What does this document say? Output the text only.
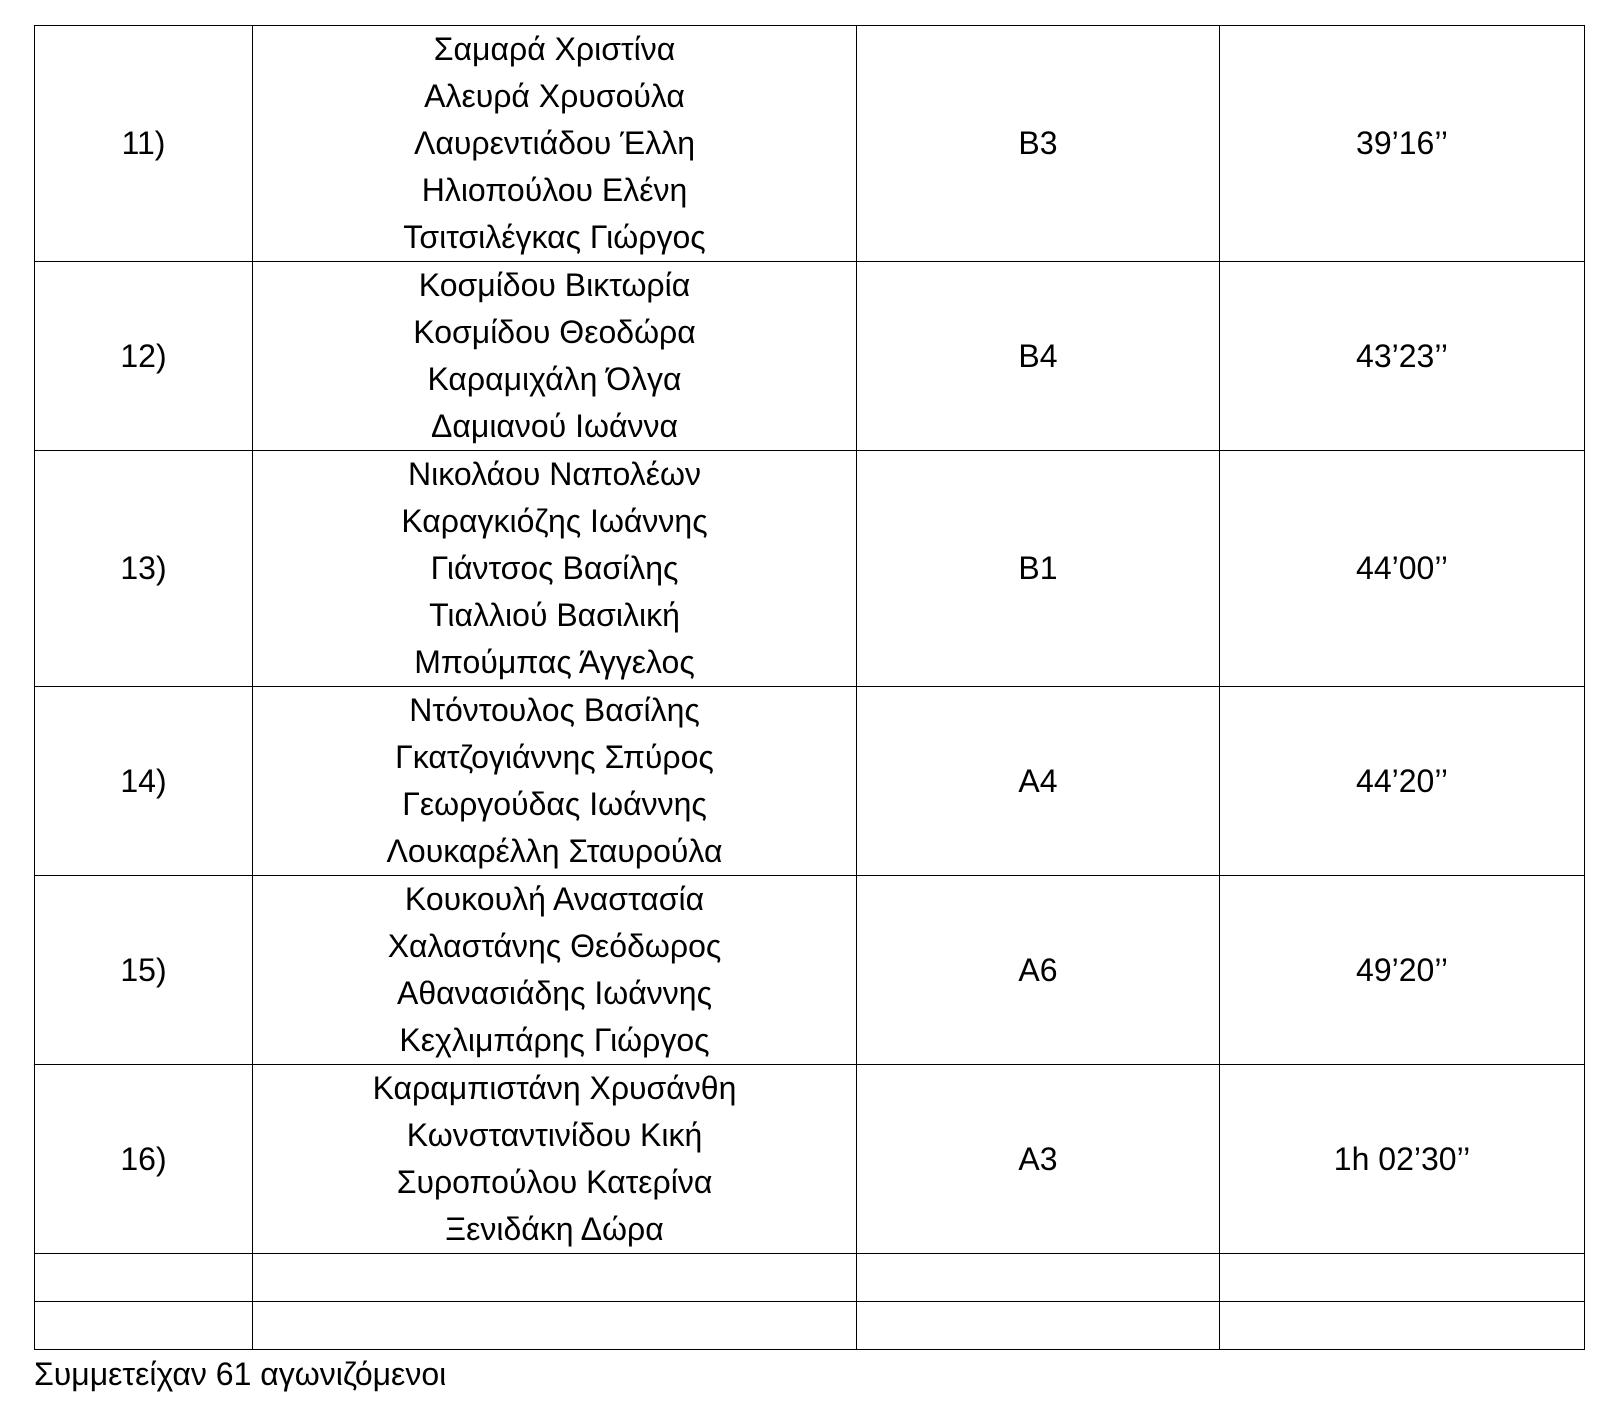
11)	Σαμαρά Χριστίνα
Αλευρά Χρυσούλα
Λαυρεντιάδου Έλλη
Ηλιοπούλου Ελένη
Τσιτσιλέγκας Γιώργος	Β3	39’16’’
12)	Κοσμίδου Βικτωρία
Κοσμίδου Θεοδώρα
Καραμιχάλη Όλγα
Δαμιανού Ιωάννα	Β4	43’23’’
13)	Νικολάου Ναπολέων
Καραγκιόζης Ιωάννης
Γιάντσος Βασίλης
Τιαλλιού Βασιλική
Μπούμπας Άγγελος	Β1	44’00’’
14)	Ντόντουλος Βασίλης
Γκατζογιάννης Σπύρος
Γεωργούδας Ιωάννης
Λουκαρέλλη Σταυρούλα	Α4	44’20’’
15)	Κουκουλή Αναστασία
Χαλαστάνης Θεόδωρος
Αθανασιάδης Ιωάννης
Κεχλιμπάρης Γιώργος	Α6	49’20’’
16)	Καραμπιστάνη Χρυσάνθη
Κωνσταντινίδου Κική
Συροπούλου Κατερίνα
Ξενιδάκη Δώρα	Α3	1h 02’30’’

Συμμετείχαν 61 αγωνιζόμενοι
